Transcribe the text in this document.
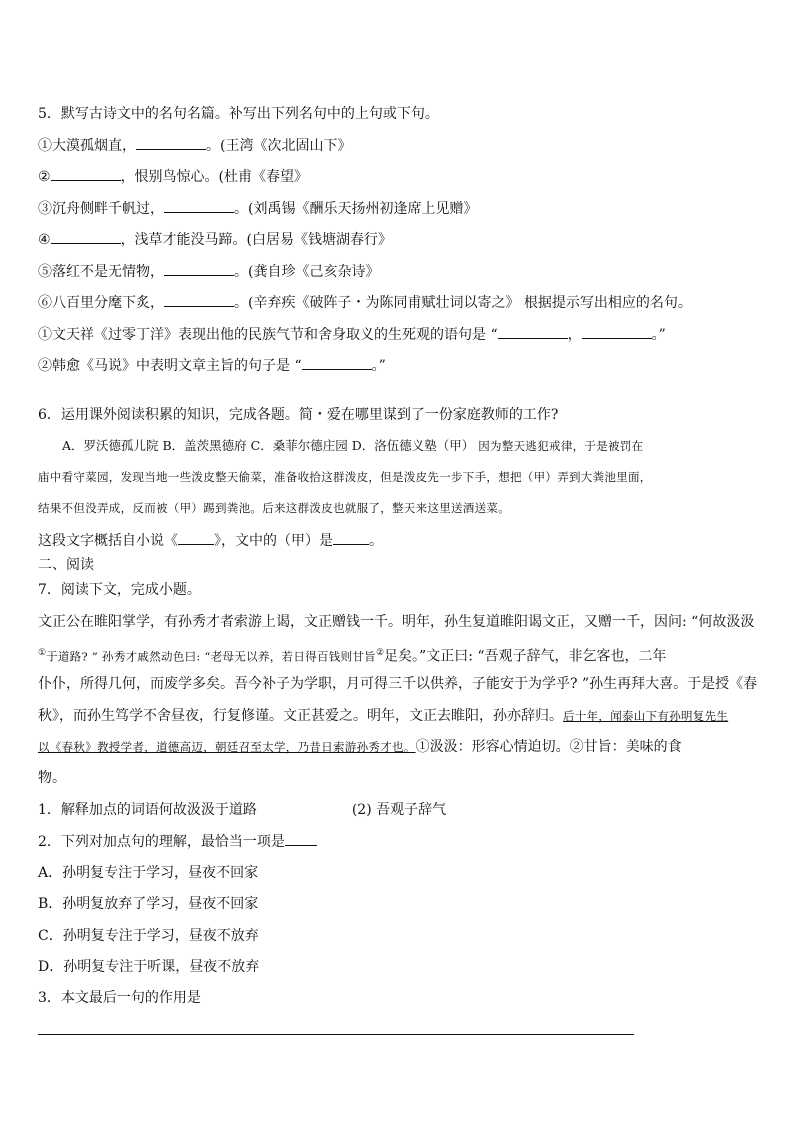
5．默写古诗文中的名句名篇。补写出下列名句中的上句或下句。
①大漠孤烟直，	。(王湾《次北固山下》
②	，恨别鸟惊心。(杜甫《春望》
③沉舟侧畔千帆过，	。(刘禹锡《酬乐天扬州初逢席上见赠》
④	，浅草才能没马蹄。(白居易《钱塘湖春行》
⑤落红不是无情物，	。(龚自珍《己亥杂诗》
⑥八百里分麾下炙，	。(辛弃疾《破阵子・为陈同甫赋壮词以寄之》 根据提示写出相应的名句。
①文天祥《过零丁洋》表现出他的民族气节和舍身取义的生死观的语句是 “	，	。”
②韩愈《马说》中表明文章主旨的句子是 “	。”
6．运用课外阅读积累的知识，完成各题。简・爱在哪里谋到了一份家庭教师的工作?
A．罗沃德孤儿院 B．盖茨黑德府 C．桑菲尔德庄园 D．洛伍德义塾（甲） 因为整天逃犯戒律，于是被罚在
庙中看守菜园，发现当地一些泼皮整天偷菜，准备收拾这群泼皮，但是泼皮先一步下手，想把（甲）弄到大粪池里面，
结果不但没弄成，反而被（甲）踢到粪池。后来这群泼皮也就服了，整天来这里送酒送菜。
这段文字概括自小说《	》，文中的（甲）是	。
二、阅读
7．阅读下文，完成小题。
文正公在睢阳掌学，有孙秀才者索游上谒，文正赠钱一千。明年，孙生复道睢阳谒文正，又赠一千，因问: “何故汲汲
①于道路? ” 孙秀才戚然动色曰: “老母无以养，若日得百钱则甘旨②足矣。”文正曰: “吾观子辞气，非乞客也，二年
仆仆，所得几何，而废学多矣。吾今补子为学职，月可得三千以供养，子能安于为学乎? ”孙生再拜大喜。于是授《春
秋》，而孙生笃学不舍昼夜，行复修谨。文正甚爱之。明年，文正去睢阳，孙亦辞归。后十年，闻泰山下有孙明复先生
以《春秋》教授学者，道德高迈，朝廷召至太学，乃昔日索游孙秀才也。①汲汲：形容心情迫切。②甘旨：美味的食
物。
1．解释加点的词语何故汲汲于道路	(2) 吾观子辞气
2．下列对加点句的理解，最恰当一项是
A．孙明复专注于学习，昼夜不回家
B．孙明复放弃了学习，昼夜不回家
C．孙明复专注于学习，昼夜不放弃
D．孙明复专注于听课，昼夜不放弃
3．本文最后一句的作用是
